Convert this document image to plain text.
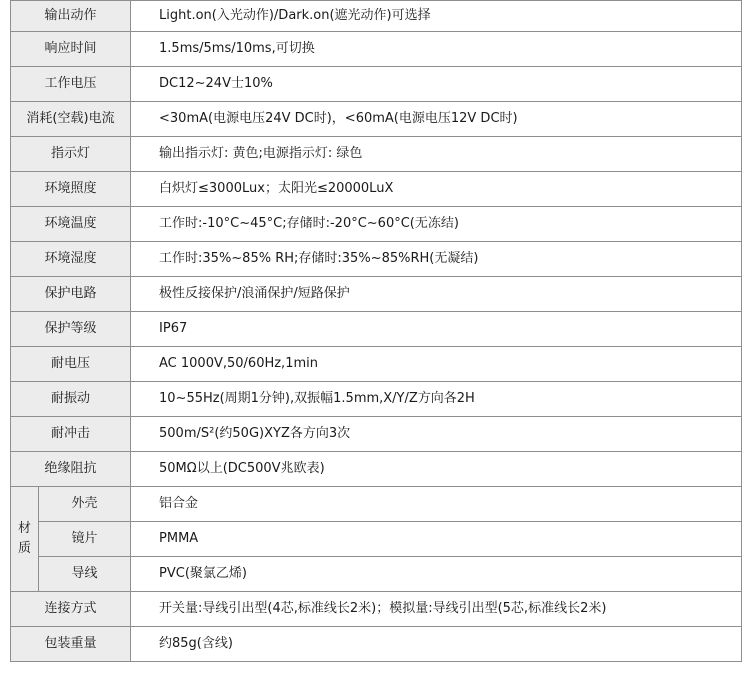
输出动作		Light.on(入光动作)/Dark.on(遮光动作)可选择
响应时间		1.5ms/5ms/10ms,可切换
工作电压		DC12~24V士10%
消耗(空载)电流		<30mA(电源电压24V DC时)，<60mA(电源电压12V DC时)
指示灯		输出指示灯: 黄色;电源指示灯: 绿色
环境照度		白炽灯≤3000Lux；太阳光≤20000LuX
环境温度		工作时:-10°C~45°C;存储时:-20°C~60°C(无冻结)
环境湿度		工作时:35%~85% RH;存储时:35%~85%RH(无凝结)
保护电路		极性反接保护/浪涌保护/短路保护
保护等级		IP67
耐电压		AC 1000V,50/60Hz,1min
耐振动		10~55Hz(周期1分钟),双振幅1.5mm,X/Y/Z方向各2H
耐冲击		500m/S²(约50G)XYZ各方向3次
绝缘阻抗		50MΩ以上(DC500V兆欧表)

材
质	外壳	铝合金
	镜片	PMMA
	导线	PVC(聚氯乙烯)
连接方式		开关量:导线引出型(4芯,标准线长2米)；模拟量:导线引出型(5芯,标准线长2米)
包装重量		约85g(含线)
